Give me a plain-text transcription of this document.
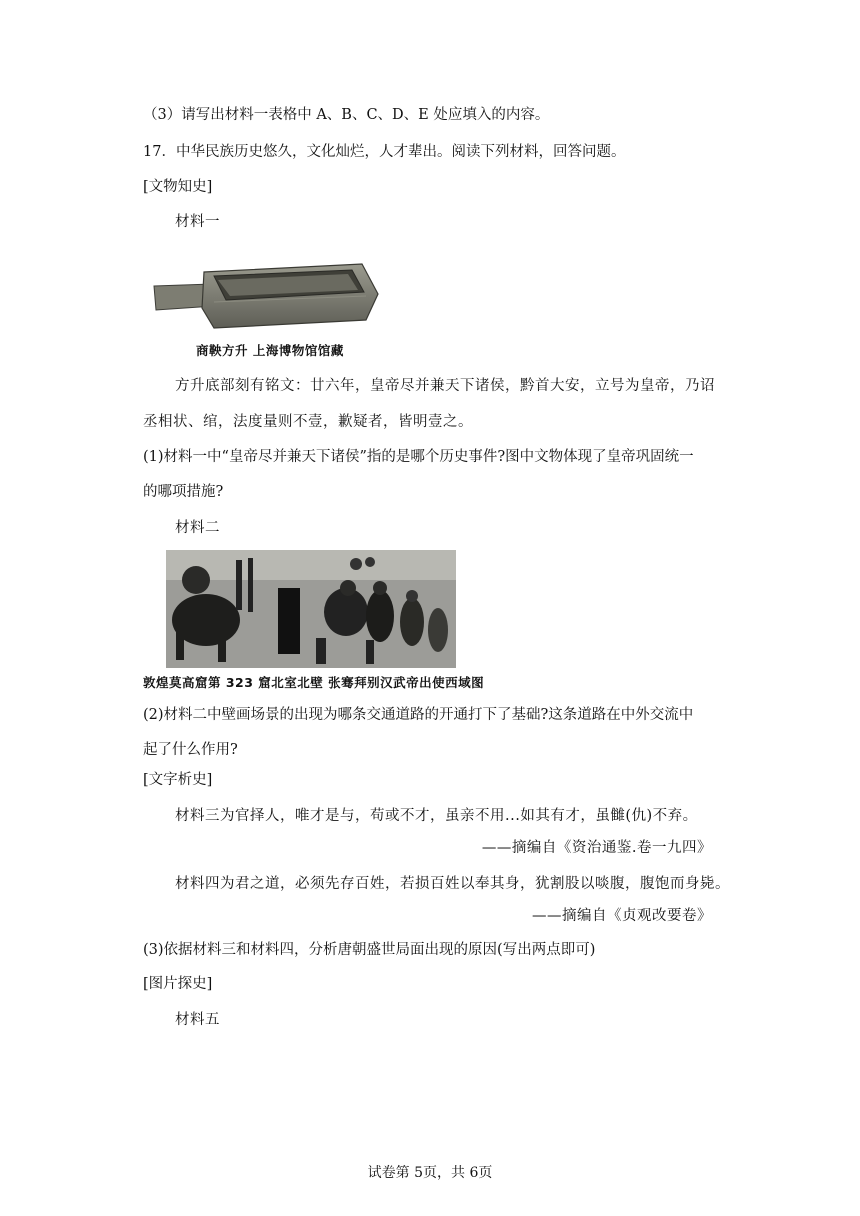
（3）请写出材料一表格中 A、B、C、D、E 处应填入的内容。
17．中华民族历史悠久，文化灿烂，人才辈出。阅读下列材料，回答问题。
[文物知史]
材料一
商鞅方升 上海博物馆馆藏
方升底部刻有铭文：廿六年，皇帝尽并兼天下诸侯，黔首大安，立号为皇帝，乃诏
丞相状、绾，法度量则不壹，歉疑者，皆明壹之。
(1)材料一中“皇帝尽并兼天下诸侯”指的是哪个历史事件?图中文物体现了皇帝巩固统一
的哪项措施?
材料二
敦煌莫高窟第 323 窟北室北壁 张骞拜别汉武帝出使西域图
(2)材料二中壁画场景的出现为哪条交通道路的开通打下了基础?这条道路在中外交流中
起了什么作用?
[文字析史]
材料三为官择人，唯才是与，苟或不才，虽亲不用...如其有才，虽雠(仇)不弃。
——摘编自《资治通鉴.卷一九四》
材料四为君之道，必须先存百姓，若损百姓以奉其身，犹割股以啖腹，腹饱而身毙。
——摘编自《贞观改要卷》
(3)依据材料三和材料四，分析唐朝盛世局面出现的原因(写出两点即可)
[图片探史]
材料五
试卷第 5页，共 6页
